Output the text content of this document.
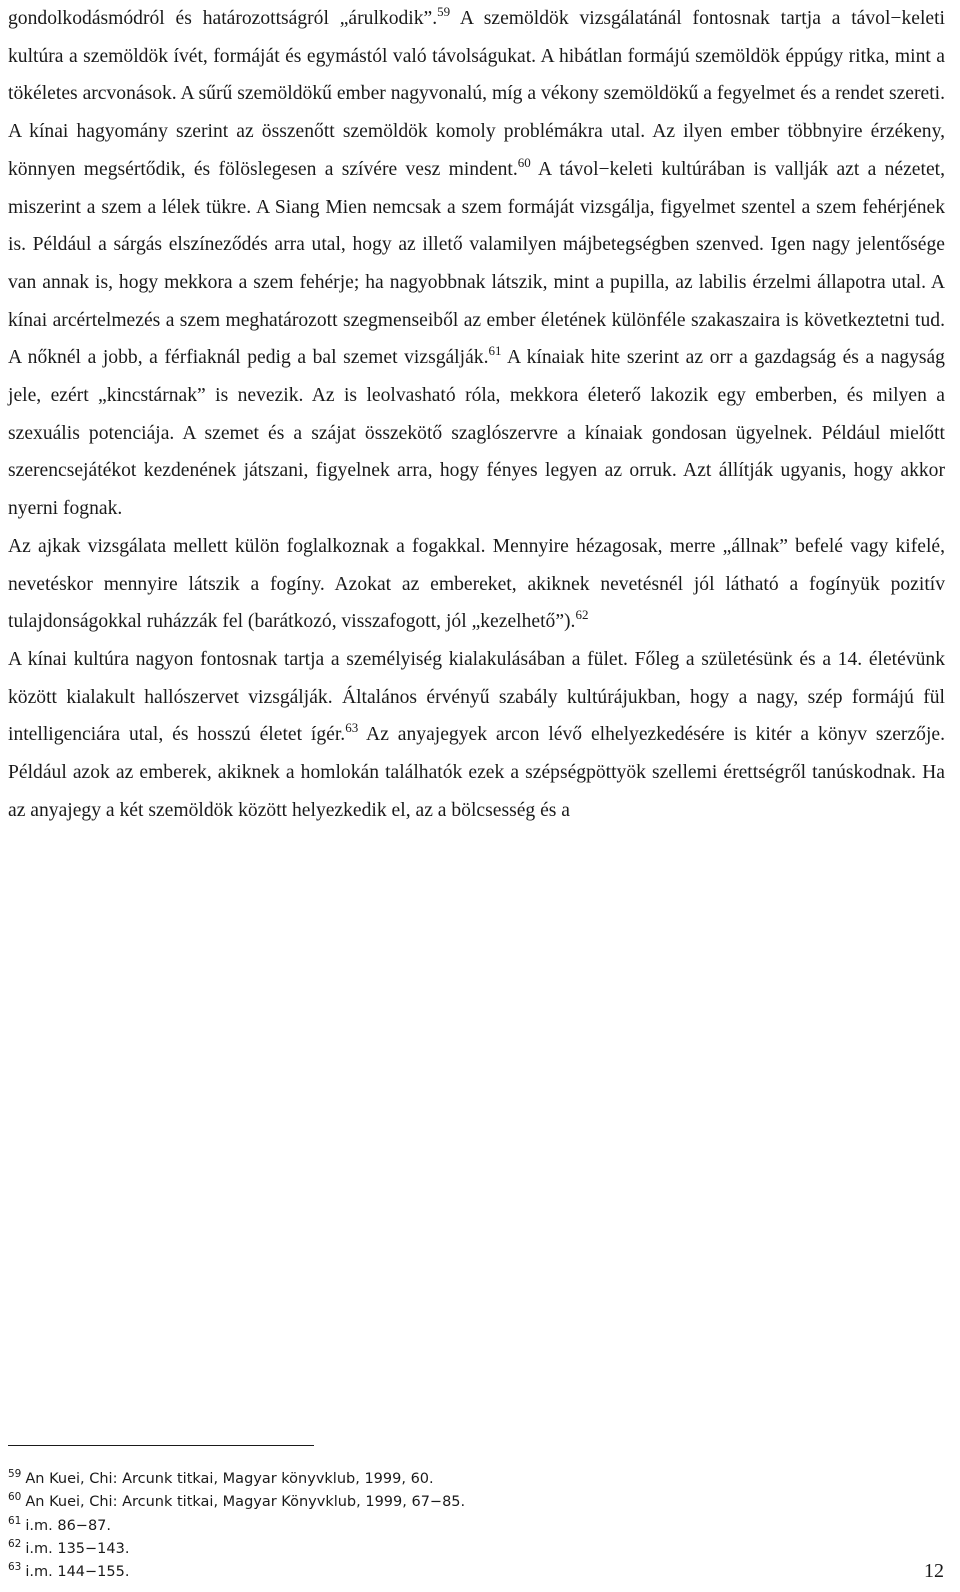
gondolkodásmódról és határozottságról „árulkodik”.$^{59}$ A szemöldök vizsgálatánál fontosnak tartja a távol−keleti kultúra a szemöldök ívét, formáját és egymástól való távolságukat. A hibátlan formájú szemöldök éppúgy ritka, mint a tökéletes arcvonások. A sűrű szemöldökű ember nagyvonalú, míg a vékony szemöldökű a fegyelmet és a rendet szereti. A kínai hagyomány szerint az összenőtt szemöldök komoly problémákra utal. Az ilyen ember többnyire érzékeny, könnyen megsértődik, és fölöslegesen a szívére vesz mindent.$^{60}$ A távol−keleti kultúrában is vallják azt a nézetet, miszerint a szem a lélek tükre. A Siang Mien nemcsak a szem formáját vizsgálja, figyelmet szentel a szem fehérjének is. Például a sárgás elszíneződés arra utal, hogy az illető valamilyen májbetegségben szenved. Igen nagy jelentősége van annak is, hogy mekkora a szem fehérje; ha nagyobbnak látszik, mint a pupilla, az labilis érzelmi állapotra utal. A kínai arcértelmezés a szem meghatározott szegmenseiből az ember életének különféle szakaszaira is következtetni tud. A nőknél a jobb, a férfiaknál pedig a bal szemet vizsgálják.$^{61}$ A kínaiak hite szerint az orr a gazdagság és a nagyság jele, ezért „kincstárnak” is nevezik. Az is leolvasható róla, mekkora életerő lakozik egy emberben, és milyen a szexuális potenciája. A szemet és a szájat összekötő szaglószervre a kínaiak gondosan ügyelnek. Például mielőtt szerencsejátékot kezdenének játszani, figyelnek arra, hogy fényes legyen az orruk. Azt állítják ugyanis, hogy akkor nyerni fognak.

Az ajkak vizsgálata mellett külön foglalkoznak a fogakkal. Mennyire hézagosak, merre „állnak” befelé vagy kifelé, nevetéskor mennyire látszik a fogíny. Azokat az embereket, akiknek nevetésnél jól látható a fogínyük pozitív tulajdonságokkal ruházzák fel (barátkozó, visszafogott, jól „kezelhető”).$^{62}$

A kínai kultúra nagyon fontosnak tartja a személyiség kialakulásában a fület. Főleg a születésünk és a 14. életévünk között kialakult hallószervet vizsgálják. Általános érvényű szabály kultúrájukban, hogy a nagy, szép formájú fül intelligenciára utal, és hosszú életet ígér.$^{63}$ Az anyajegyek arcon lévő elhelyezkedésére is kitér a könyv szerzője. Például azok az emberek, akiknek a homlokán találhatók ezek a szépségpöttyök szellemi érettségről tanúskodnak. Ha az anyajegy a két szemöldök között helyezkedik el, az a bölcsesség és a

$^{59}$ An Kuei, Chi: Arcunk titkai, Magyar könyvklub, 1999, 60.

$^{60}$ An Kuei, Chi: Arcunk titkai, Magyar Könyvklub, 1999, 67−85.

$^{61}$ i.m. 86−87.

$^{62}$ i.m. 135−143.

$^{63}$ i.m. 144−155.	12
